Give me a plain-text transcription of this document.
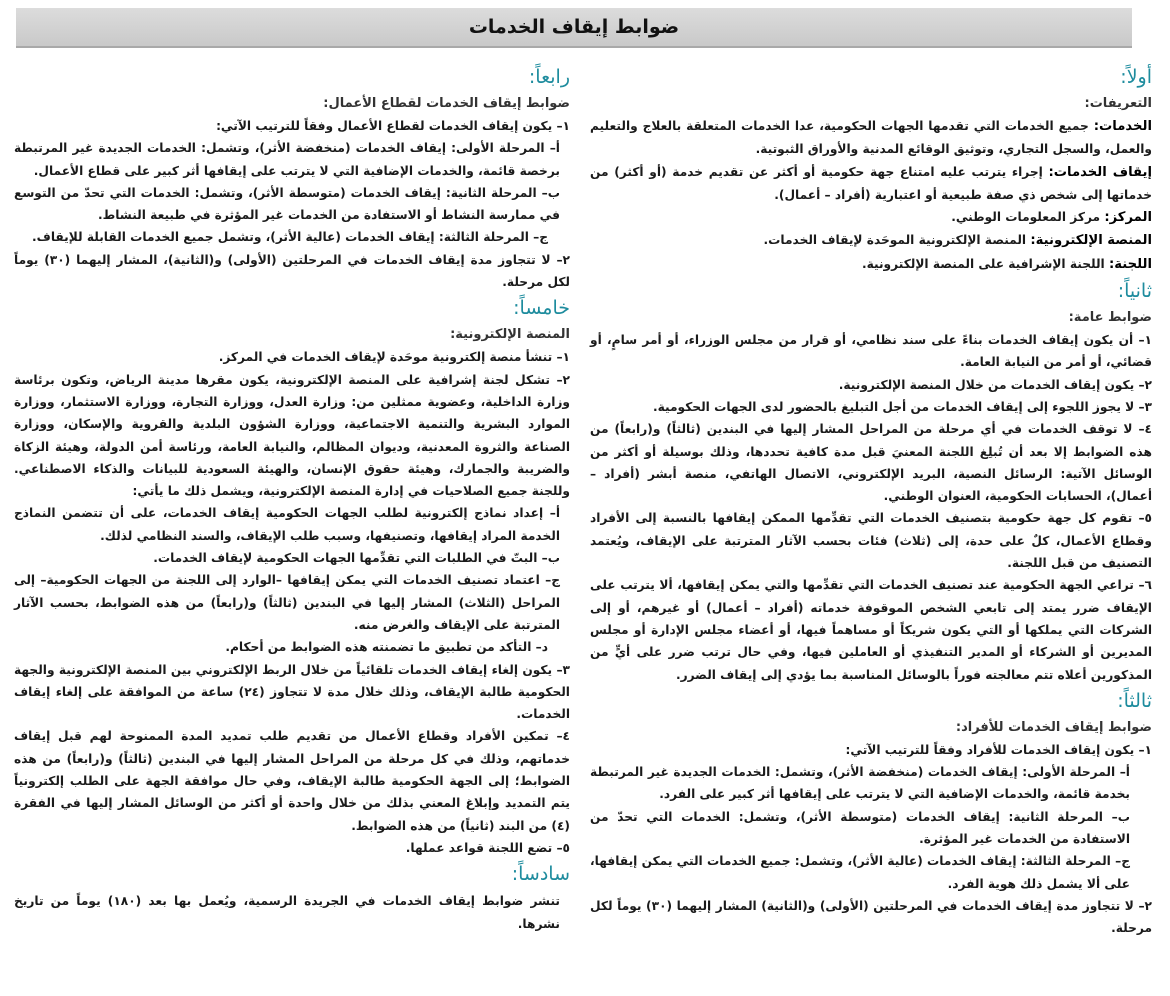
ضوابط إيقاف الخدمات
أولاً:
التعريفات:

الخدمات: جميع الخدمات التي تقدمها الجهات الحكومية، عدا الخدمات المتعلقة بالعلاج والتعليم والعمل، والسجل التجاري، وتوثيق الوقائع المدنية والأوراق الثبوتية.

إيقاف الخدمات: إجراء يترتب عليه امتناع جهة حكومية أو أكثر عن تقديم خدمة (أو أكثر) من خدماتها إلى شخص ذي صفة طبيعية أو اعتبارية (أفراد – أعمال).

المركز: مركز المعلومات الوطني.

المنصة الإلكترونية: المنصة الإلكترونية الموحَدة لإيقاف الخدمات.

اللجنة: اللجنة الإشرافية على المنصة الإلكترونية.

ثانياً:
ضوابط عامة:

١– أن يكون إيقاف الخدمات بناءً على سند نظامي، أو قرار من مجلس الوزراء، أو أمر سامٍ، أو قضائي، أو أمر من النيابة العامة.

٢– يكون إيقاف الخدمات من خلال المنصة الإلكترونية.

٣– لا يجوز اللجوء إلى إيقاف الخدمات من أجل التبليغ بالحضور لدى الجهات الحكومية.

٤– لا توقف الخدمات في أي مرحلة من المراحل المشار إليها في البندين (ثالثاً) و(رابعاً) من هذه الضوابط إلا بعد أن تُبلِغ اللجنة المعنيَ قبل مدة كافية تحددها، وذلك بوسيلة أو أكثر من الوسائل الآتية: الرسائل النصية، البريد الإلكتروني، الاتصال الهاتفي، منصة أبشر (أفراد – أعمال)، الحسابات الحكومية، العنوان الوطني.

٥– تقوم كل جهة حكومية بتصنيف الخدمات التي تقدِّمها الممكن إيقافها بالنسبة إلى الأفراد وقطاع الأعمال، كلٌ على حدة، إلى (ثلاث) فئات بحسب الآثار المترتبة على الإيقاف، ويُعتمد التصنيف من قبل اللجنة.

٦– تراعي الجهة الحكومية عند تصنيف الخدمات التي تقدِّمها والتي يمكن إيقافها، ألا يترتب على الإيقاف ضرر يمتد إلى تابعي الشخص الموقوفة خدماته (أفراد – أعمال) أو غيرهم، أو إلى الشركات التي يملكها أو التي يكون شريكاً أو مساهماً فيها، أو أعضاء مجلس الإدارة أو مجلس المديرين أو الشركاء أو المدير التنفيذي أو العاملين فيها، وفي حال ترتب ضرر على أيٍّ من المذكورين أعلاه تتم معالجته فوراً بالوسائل المناسبة بما يؤدي إلى إيقاف الضرر.

ثالثاً:
ضوابط إيقاف الخدمات للأفراد:

١– يكون إيقاف الخدمات للأفراد وفقاً للترتيب الآتي:

أ– المرحلة الأولى: إيقاف الخدمات (منخفضة الأثر)، وتشمل: الخدمات الجديدة غير المرتبطة بخدمة قائمة، والخدمات الإضافية التي لا يترتب على إيقافها أثر كبير على الفرد.

ب– المرحلة الثانية: إيقاف الخدمات (متوسطة الأثر)، وتشمل: الخدمات التي تحدّ من الاستفادة من الخدمات غير المؤثرة.

ج– المرحلة الثالثة: إيقاف الخدمات (عالية الأثر)، وتشمل: جميع الخدمات التي يمكن إيقافها، على ألا يشمل ذلك هوية الفرد.

٢– لا تتجاوز مدة إيقاف الخدمات في المرحلتين (الأولى) و(الثانية) المشار إليهما (٣٠) يوماً لكل مرحلة.

رابعاً:
ضوابط إيقاف الخدمات لقطاع الأعمال:

١– يكون إيقاف الخدمات لقطاع الأعمال وفقاً للترتيب الآتي:

أ– المرحلة الأولى: إيقاف الخدمات (منخفضة الأثر)، وتشمل: الخدمات الجديدة غير المرتبطة برخصة قائمة، والخدمات الإضافية التي لا يترتب على إيقافها أثر كبير على قطاع الأعمال.

ب– المرحلة الثانية: إيقاف الخدمات (متوسطة الأثر)، وتشمل: الخدمات التي تحدّ من التوسع في ممارسة النشاط أو الاستفادة من الخدمات غير المؤثرة في طبيعة النشاط.

ج– المرحلة الثالثة: إيقاف الخدمات (عالية الأثر)، وتشمل جميع الخدمات القابلة للإيقاف.

٢– لا تتجاوز مدة إيقاف الخدمات في المرحلتين (الأولى) و(الثانية)، المشار إليهما (٣٠) يوماً لكل مرحلة.

خامساً:
المنصة الإلكترونية:

١– تنشأ منصة إلكترونية موحَدة لإيقاف الخدمات في المركز.

٢– تشكل لجنة إشرافية على المنصة الإلكترونية، يكون مقرها مدينة الرياض، وتكون برئاسة وزارة الداخلية، وعضوية ممثلين من: وزارة العدل، ووزارة التجارة، ووزارة الاستثمار، ووزارة الموارد البشرية والتنمية الاجتماعية، ووزارة الشؤون البلدية والقروية والإسكان، ووزارة الصناعة والثروة المعدنية، وديوان المظالم، والنيابة العامة، ورئاسة أمن الدولة، وهيئة الزكاة والضريبة والجمارك، وهيئة حقوق الإنسان، والهيئة السعودية للبيانات والذكاء الاصطناعي. وللجنة جميع الصلاحيات في إدارة المنصة الإلكترونية، ويشمل ذلك ما يأتي:

أ– إعداد نماذج إلكترونية لطلب الجهات الحكومية إيقاف الخدمات، على أن تتضمن النماذج الخدمة المراد إيقافها، وتصنيفها، وسبب طلب الإيقاف، والسند النظامي لذلك.

ب– البتّ في الطلبات التي تقدِّمها الجهات الحكومية لإيقاف الخدمات.

ج– اعتماد تصنيف الخدمات التي يمكن إيقافها –الوارد إلى اللجنة من الجهات الحكومية– إلى المراحل (الثلاث) المشار إليها في البندين (ثالثاً) و(رابعاً) من هذه الضوابط، بحسب الآثار المترتبة على الإيقاف والغرض منه.

د– التأكد من تطبيق ما تضمنته هذه الضوابط من أحكام.

٣– يكون إلغاء إيقاف الخدمات تلقائياً من خلال الربط الإلكتروني بين المنصة الإلكترونية والجهة الحكومية طالبة الإيقاف، وذلك خلال مدة لا تتجاوز (٢٤) ساعة من الموافقة على إلغاء إيقاف الخدمات.

٤– تمكين الأفراد وقطاع الأعمال من تقديم طلب تمديد المدة الممنوحة لهم قبل إيقاف خدماتهم، وذلك في كل مرحلة من المراحل المشار إليها في البندين (ثالثاً) و(رابعاً) من هذه الضوابط؛ إلى الجهة الحكومية طالبة الإيقاف، وفي حال موافقة الجهة على الطلب إلكترونياً يتم التمديد وإبلاغ المعني بذلك من خلال واحدة أو أكثر من الوسائل المشار إليها في الفقرة (٤) من البند (ثانياً) من هذه الضوابط.

٥– تضع اللجنة قواعد عملها.

سادساً:

تنشر ضوابط إيقاف الخدمات في الجريدة الرسمية، ويُعمل بها بعد (١٨٠) يوماً من تاريخ نشرها.
